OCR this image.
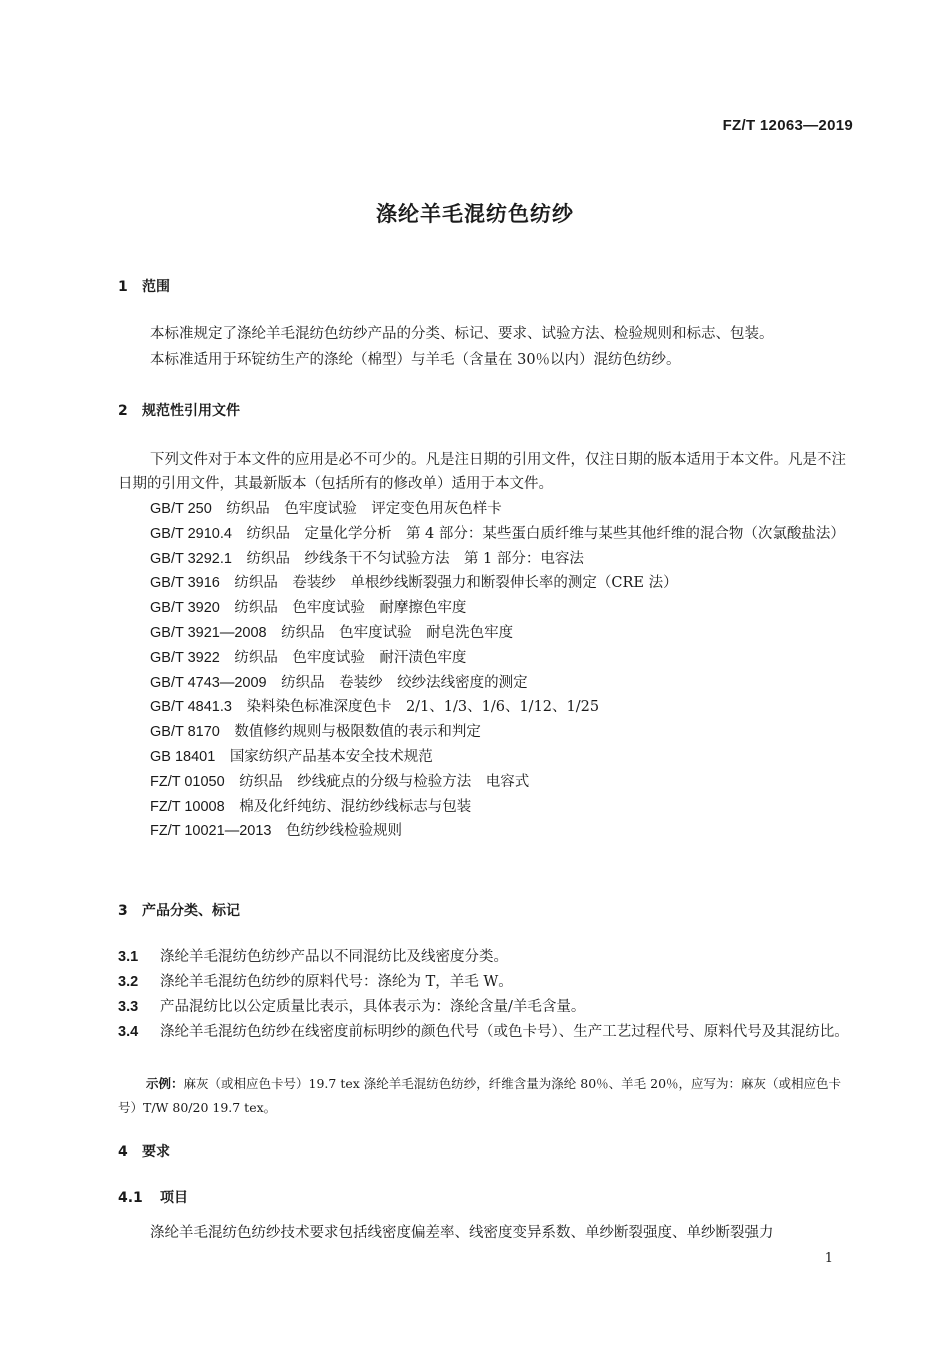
FZ/T 12063—2019
涤纶羊毛混纺色纺纱
1 范围
本标准规定了涤纶羊毛混纺色纺纱产品的分类、标记、要求、试验方法、检验规则和标志、包装。
本标准适用于环锭纺生产的涤纶（棉型）与羊毛（含量在 30％以内）混纺色纺纱。
2 规范性引用文件
下列文件对于本文件的应用是必不可少的。凡是注日期的引用文件，仅注日期的版本适用于本文件。凡是不注日期的引用文件，其最新版本（包括所有的修改单）适用于本文件。
GB/T 250　 纺织品　色牢度试验　评定变色用灰色样卡
GB/T 2910.4　 纺织品　定量化学分析　第 4 部分：某些蛋白质纤维与某些其他纤维的混合物（次氯酸盐法）
GB/T 3292.1　 纺织品　纱线条干不匀试验方法　第 1 部分：电容法
GB/T 3916　 纺织品　卷装纱　单根纱线断裂强力和断裂伸长率的测定（CRE 法）
GB/T 3920　 纺织品　色牢度试验　耐摩擦色牢度
GB/T 3921—2008　 纺织品　色牢度试验　耐皂洗色牢度
GB/T 3922　 纺织品　色牢度试验　耐汗渍色牢度
GB/T 4743—2009　 纺织品　卷装纱　绞纱法线密度的测定
GB/T 4841.3　 染料染色标准深度色卡　2/1、1/3、1/6、1/12、1/25
GB/T 8170　 数值修约规则与极限数值的表示和判定
GB 18401　 国家纺织产品基本安全技术规范
FZ/T 01050　 纺织品　纱线疵点的分级与检验方法　电容式
FZ/T 10008　 棉及化纤纯纺、混纺纱线标志与包装
FZ/T 10021—2013　 色纺纱线检验规则
3 产品分类、标记
3.1 涤纶羊毛混纺色纺纱产品以不同混纺比及线密度分类。
3.2 涤纶羊毛混纺色纺纱的原料代号：涤纶为 T，羊毛 W。
3.3 产品混纺比以公定质量比表示，具体表示为：涤纶含量/羊毛含量。
3.4 涤纶羊毛混纺色纺纱在线密度前标明纱的颜色代号（或色卡号）、生产工艺过程代号、原料代号及其混纺比。
示例：麻灰（或相应色卡号）19.7 tex 涤纶羊毛混纺色纺纱，纤维含量为涤纶 80％、羊毛 20％，应写为：麻灰（或相应色卡号）T/W 80/20 19.7 tex。
4 要求
4.1 项目
涤纶羊毛混纺色纺纱技术要求包括线密度偏差率、线密度变异系数、单纱断裂强度、单纱断裂强力
1
